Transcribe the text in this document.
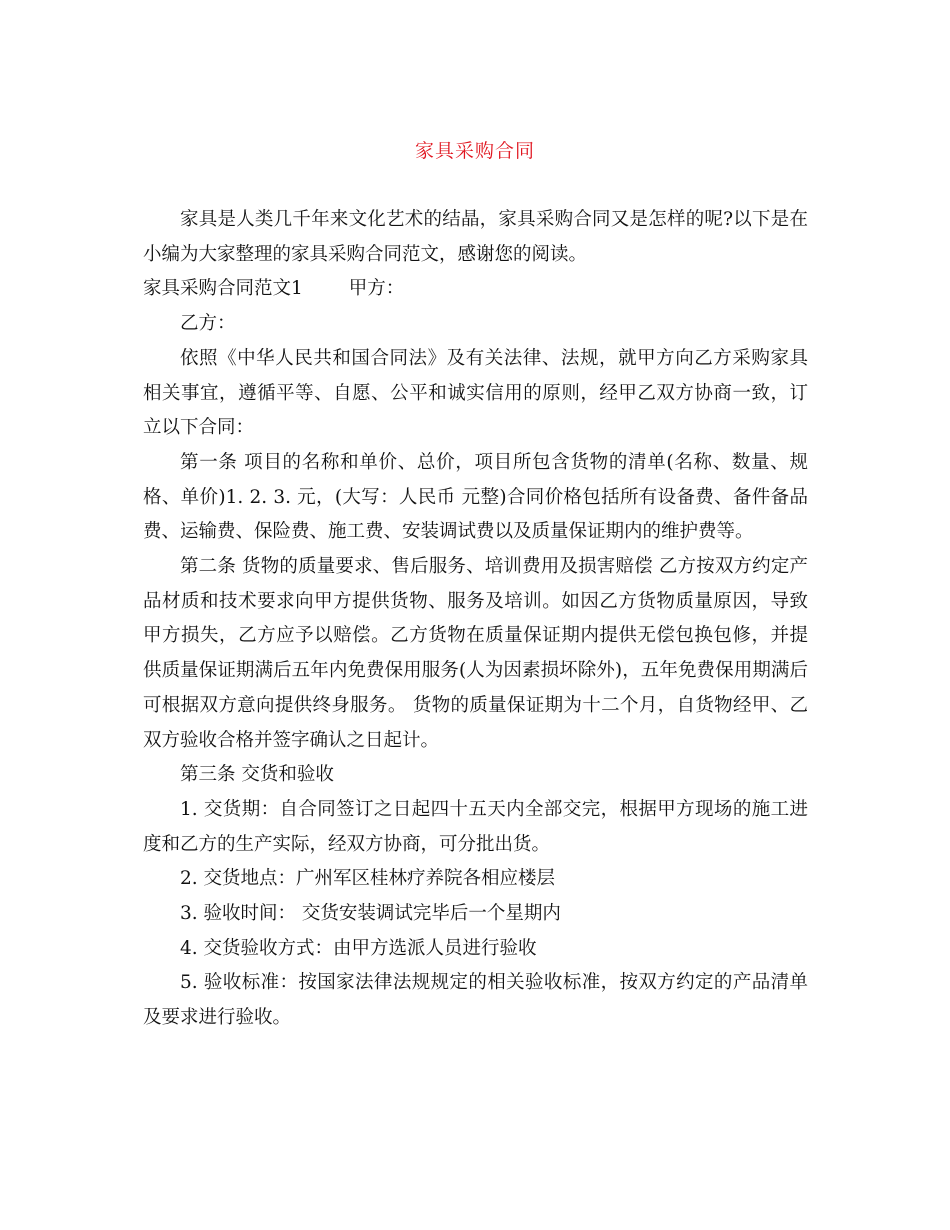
家具采购合同

家具是人类几千年来文化艺术的结晶，家具采购合同又是怎样的呢?以下是在小编为大家整理的家具采购合同范文，感谢您的阅读。

家具采购合同范文1 甲方：

乙方：

依照《中华人民共和国合同法》及有关法律、法规，就甲方向乙方采购家具相关事宜，遵循平等、自愿、公平和诚实信用的原则，经甲乙双方协商一致，订立以下合同：

第一条 项目的名称和单价、总价，项目所包含货物的清单(名称、数量、规格、单价)1. 2. 3. 元，(大写：人民币 元整)合同价格包括所有设备费、备件备品费、运输费、保险费、施工费、安装调试费以及质量保证期内的维护费等。

第二条 货物的质量要求、售后服务、培训费用及损害赔偿 乙方按双方约定产品材质和技术要求向甲方提供货物、服务及培训。如因乙方货物质量原因，导致甲方损失，乙方应予以赔偿。乙方货物在质量保证期内提供无偿包换包修，并提供质量保证期满后五年内免费保用服务(人为因素损坏除外)，五年免费保用期满后可根据双方意向提供终身服务。 货物的质量保证期为十二个月，自货物经甲、乙双方验收合格并签字确认之日起计。

第三条 交货和验收

1. 交货期：自合同签订之日起四十五天内全部交完，根据甲方现场的施工进度和乙方的生产实际，经双方协商，可分批出货。

2. 交货地点：广州军区桂林疗养院各相应楼层

3. 验收时间： 交货安装调试完毕后一个星期内

4. 交货验收方式：由甲方选派人员进行验收

5. 验收标准：按国家法律法规规定的相关验收标准，按双方约定的产品清单及要求进行验收。
